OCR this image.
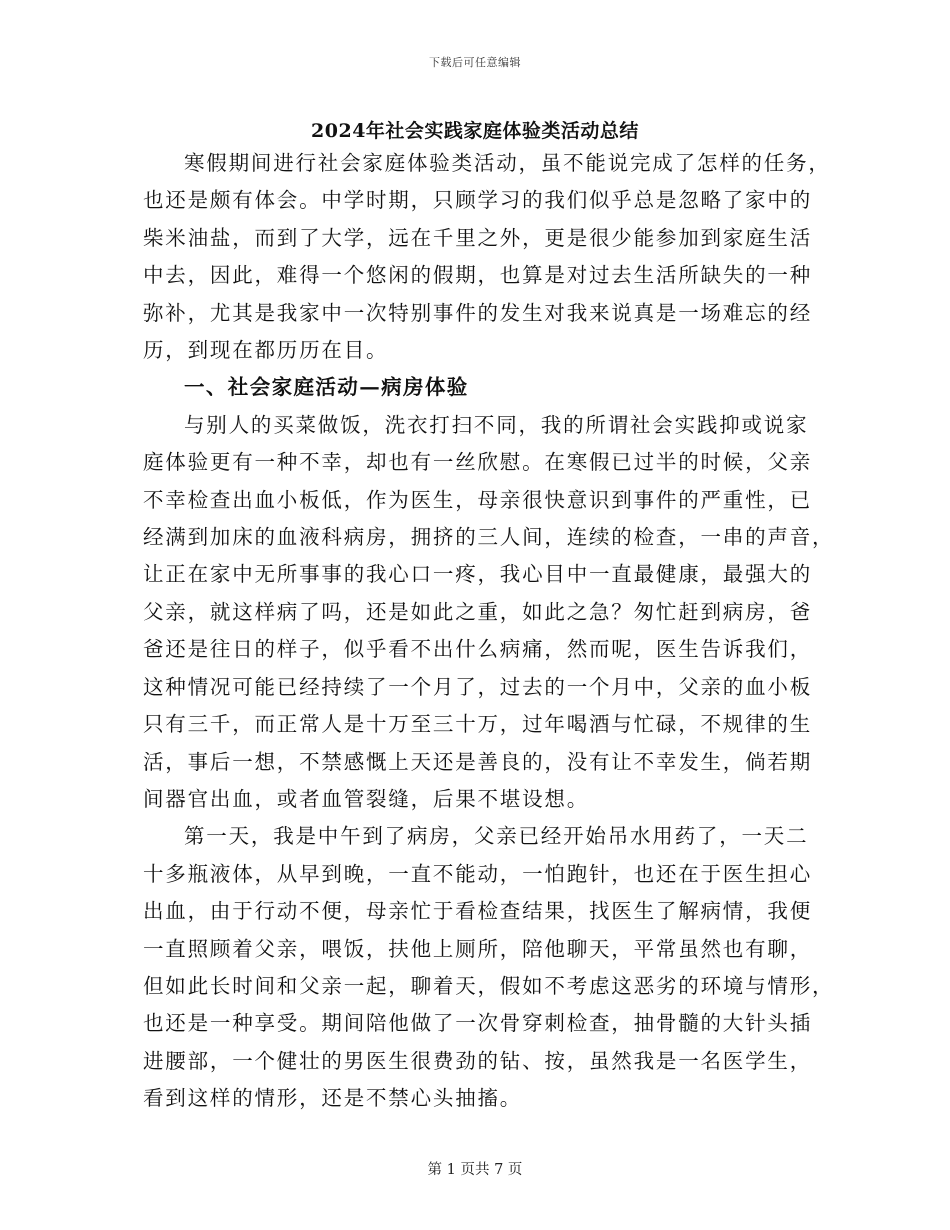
下载后可任意编辑
2024年社会实践家庭体验类活动总结
寒假期间进行社会家庭体验类活动，虽不能说完成了怎样的任务，
也还是颇有体会。中学时期，只顾学习的我们似乎总是忽略了家中的
柴米油盐，而到了大学，远在千里之外，更是很少能参加到家庭生活
中去，因此，难得一个悠闲的假期，也算是对过去生活所缺失的一种
弥补，尤其是我家中一次特别事件的发生对我来说真是一场难忘的经
历，到现在都历历在目。
一、社会家庭活动—病房体验
与别人的买菜做饭，洗衣打扫不同，我的所谓社会实践抑或说家
庭体验更有一种不幸，却也有一丝欣慰。在寒假已过半的时候，父亲
不幸检查出血小板低，作为医生，母亲很快意识到事件的严重性，已
经满到加床的血液科病房，拥挤的三人间，连续的检查，一串的声音，
让正在家中无所事事的我心口一疼，我心目中一直最健康，最强大的
父亲，就这样病了吗，还是如此之重，如此之急？匆忙赶到病房，爸
爸还是往日的样子，似乎看不出什么病痛，然而呢，医生告诉我们，
这种情况可能已经持续了一个月了，过去的一个月中，父亲的血小板
只有三千，而正常人是十万至三十万，过年喝酒与忙碌，不规律的生
活，事后一想，不禁感慨上天还是善良的，没有让不幸发生，倘若期
间器官出血，或者血管裂缝，后果不堪设想。
第一天，我是中午到了病房，父亲已经开始吊水用药了，一天二
十多瓶液体，从早到晚，一直不能动，一怕跑针，也还在于医生担心
出血，由于行动不便，母亲忙于看检查结果，找医生了解病情，我便
一直照顾着父亲，喂饭，扶他上厕所，陪他聊天，平常虽然也有聊，
但如此长时间和父亲一起，聊着天，假如不考虑这恶劣的环境与情形，
也还是一种享受。期间陪他做了一次骨穿刺检查，抽骨髓的大针头插
进腰部，一个健壮的男医生很费劲的钻、按，虽然我是一名医学生，
看到这样的情形，还是不禁心头抽搐。
第 1 页共 7 页
